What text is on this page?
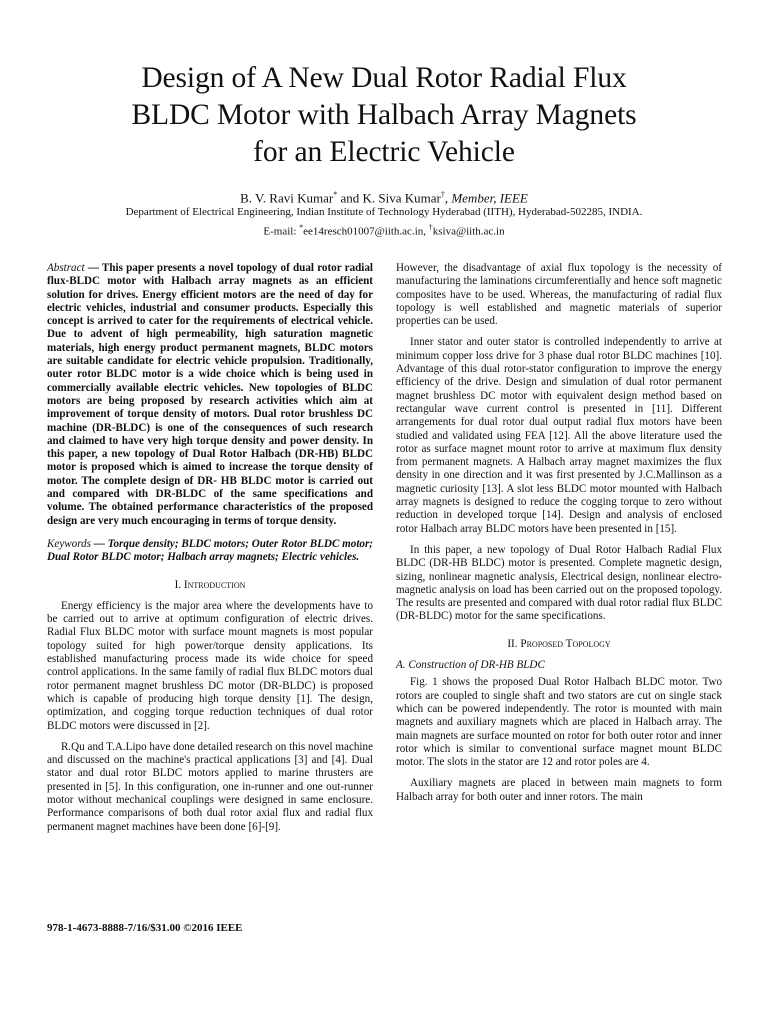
Design of A New Dual Rotor Radial Flux
BLDC Motor with Halbach Array Magnets
for an Electric Vehicle
B. V. Ravi Kumar* and K. Siva Kumar†, Member, IEEE
Department of Electrical Engineering, Indian Institute of Technology Hyderabad (IITH), Hyderabad-502285, INDIA.
E-mail: *ee14resch01007@iith.ac.in, †ksiva@iith.ac.in

Abstract — This paper presents a novel topology of dual rotor radial flux-BLDC motor with Halbach array magnets as an efficient solution for drives. Energy efficient motors are the need of day for electric vehicles, industrial and consumer products. Especially this concept is arrived to cater for the requirements of electrical vehicle. Due to advent of high permeability, high saturation magnetic materials, high energy product permanent magnets, BLDC motors are suitable candidate for electric vehicle propulsion. Traditionally, outer rotor BLDC motor is a wide choice which is being used in commercially available electric vehicles. New topologies of BLDC motors are being proposed by research activities which aim at improvement of torque density of motors. Dual rotor brushless DC machine (DR-BLDC) is one of the consequences of such research and claimed to have very high torque density and power density. In this paper, a new topology of Dual Rotor Halbach (DR-HB) BLDC motor is proposed which is aimed to increase the torque density of motor. The complete design of DR- HB BLDC motor is carried out and compared with DR-BLDC of the same specifications and volume. The obtained performance characteristics of the proposed design are very much encouraging in terms of torque density.

Keywords — Torque density; BLDC motors; Outer Rotor BLDC motor; Dual Rotor BLDC motor; Halbach array magnets; Electric vehicles.

I. Introduction

Energy efficiency is the major area where the developments have to be carried out to arrive at optimum configuration of electric drives. Radial Flux BLDC motor with surface mount magnets is most popular topology suited for high power/torque density applications. Its established manufacturing process made its wide choice for speed control applications. In the same family of radial flux BLDC motors dual rotor permanent magnet brushless DC motor (DR-BLDC) is proposed which is capable of producing high torque density [1]. The design, optimization, and cogging torque reduction techniques of dual rotor BLDC motors were discussed in [2].

R.Qu and T.A.Lipo have done detailed research on this novel machine and discussed on the machine's practical applications [3] and [4]. Dual stator and dual rotor BLDC motors applied to marine thrusters are presented in [5]. In this configuration, one in-runner and one out-runner motor without mechanical couplings were designed in same enclosure. Performance comparisons of both dual rotor axial flux and radial flux permanent magnet machines have been done [6]-[9].

However, the disadvantage of axial flux topology is the necessity of manufacturing the laminations circumferentially and hence soft magnetic composites have to be used. Whereas, the manufacturing of radial flux topology is well established and magnetic materials of superior properties can be used.

Inner stator and outer stator is controlled independently to arrive at minimum copper loss drive for 3 phase dual rotor BLDC machines [10]. Advantage of this dual rotor-stator configuration to improve the energy efficiency of the drive. Design and simulation of dual rotor permanent magnet brushless DC motor with equivalent design method based on rectangular wave current control is presented in [11]. Different arrangements for dual rotor dual output radial flux motors have been studied and validated using FEA [12]. All the above literature used the rotor as surface magnet mount rotor to arrive at maximum flux density from permanent magnets. A Halbach array magnet maximizes the flux density in one direction and it was first presented by J.C.Mallinson as a magnetic curiosity [13]. A slot less BLDC motor mounted with Halbach array magnets is designed to reduce the cogging torque to zero without reduction in developed torque [14]. Design and analysis of enclosed rotor Halbach array BLDC motors have been presented in [15].

In this paper, a new topology of Dual Rotor Halbach Radial Flux BLDC (DR-HB BLDC) motor is presented. Complete magnetic design, sizing, nonlinear magnetic analysis, Electrical design, nonlinear electro-magnetic analysis on load has been carried out on the proposed topology. The results are presented and compared with dual rotor radial flux BLDC (DR-BLDC) motor for the same specifications.

II. Proposed Topology
A. Construction of DR-HB BLDC

Fig. 1 shows the proposed Dual Rotor Halbach BLDC motor. Two rotors are coupled to single shaft and two stators are cut on single stack which can be powered independently. The rotor is mounted with main magnets and auxiliary magnets which are placed in Halbach array. The main magnets are surface mounted on rotor for both outer rotor and inner rotor which is similar to conventional surface magnet mount BLDC motor. The slots in the stator are 12 and rotor poles are 4.

Auxiliary magnets are placed in between main magnets to form Halbach array for both outer and inner rotors. The main

978-1-4673-8888-7/16/$31.00 ©2016 IEEE
